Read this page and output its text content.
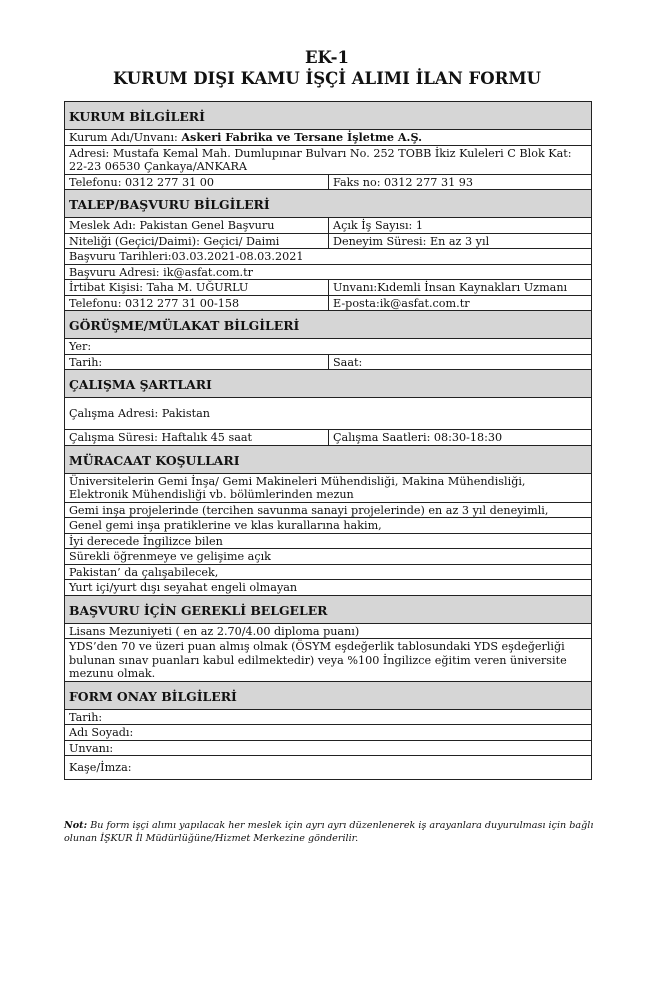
EK-1
KURUM DIŞI KAMU İŞÇİ ALIMI İLAN FORMU
KURUM BİLGİLERİ	
Kurum Adı/Unvanı: Askeri Fabrika ve Tersane İşletme A.Ş.	
Adresi: Mustafa Kemal Mah. Dumlupınar Bulvarı No. 252 TOBB İkiz Kuleleri C Blok Kat: 22-23 06530 Çankaya/ANKARA	
Telefonu: 0312 277 31 00	Faks no: 0312 277 31 93
TALEP/BAŞVURU BİLGİLERİ	
Meslek Adı: Pakistan Genel Başvuru	Açık İş Sayısı: 1
Niteliği (Geçici/Daimi): Geçici/ Daimi	Deneyim Süresi: En az 3 yıl
Başvuru Tarihleri:03.03.2021-08.03.2021	
Başvuru Adresi: ik@asfat.com.tr	
İrtibat Kişisi: Taha M. UĞURLU	Unvanı:Kıdemli İnsan Kaynakları Uzmanı
Telefonu: 0312 277 31 00-158	E-posta:ik@asfat.com.tr
GÖRÜŞME/MÜLAKAT BİLGİLERİ	
Yer:	
Tarih:	Saat:
ÇALIŞMA ŞARTLARI	
Çalışma Adresi: Pakistan	
Çalışma Süresi: Haftalık 45 saat	Çalışma Saatleri: 08:30-18:30
MÜRACAAT KOŞULLARI	
Üniversitelerin Gemi İnşa/ Gemi Makineleri Mühendisliği, Makina Mühendisliği, Elektronik Mühendisliği vb. bölümlerinden mezun	
Gemi inşa projelerinde (tercihen savunma sanayi projelerinde) en az 3 yıl deneyimli,	
Genel gemi inşa pratiklerine ve klas kurallarına hakim,	
İyi derecede İngilizce bilen	
Sürekli öğrenmeye ve gelişime açık	
Pakistan’ da çalışabilecek,	
Yurt içi/yurt dışı seyahat engeli olmayan	
BAŞVURU İÇİN GEREKLİ BELGELER	
Lisans Mezuniyeti ( en az 2.70/4.00 diploma puanı)	
YDS’den 70 ve üzeri puan almış olmak (ÖSYM eşdeğerlik tablosundaki YDS eşdeğerliği bulunan sınav puanları kabul edilmektedir) veya %100 İngilizce eğitim veren üniversite mezunu olmak.	
FORM ONAY BİLGİLERİ	
Tarih:	
Adı Soyadı:	
Unvanı:	
Kaşe/İmza:	
Not: Bu form işçi alımı yapılacak her meslek için ayrı ayrı düzenlenerek iş arayanlara duyurulması için bağlı olunan İŞKUR İl Müdürlüğüne/Hizmet Merkezine gönderilir.
